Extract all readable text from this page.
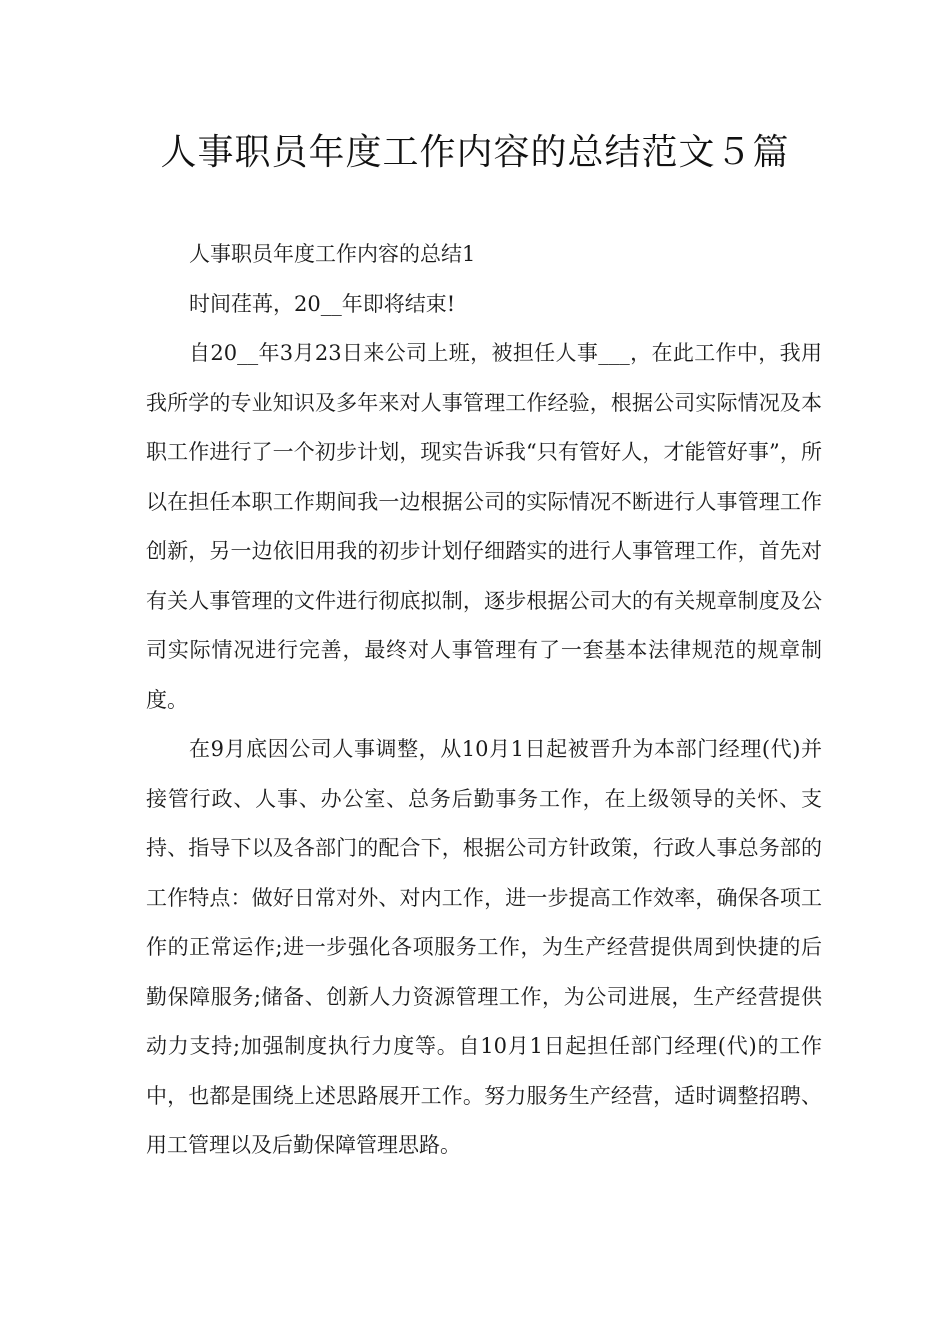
人事职员年度工作内容的总结范文５篇

人事职员年度工作内容的总结1

时间荏苒，20__年即将结束!

自20__年3月23日来公司上班，被担任人事___，在此工作中，我用我所学的专业知识及多年来对人事管理工作经验，根据公司实际情况及本职工作进行了一个初步计划，现实告诉我“只有管好人，才能管好事”，所以在担任本职工作期间我一边根据公司的实际情况不断进行人事管理工作创新，另一边依旧用我的初步计划仔细踏实的进行人事管理工作，首先对有关人事管理的文件进行彻底拟制，逐步根据公司大的有关规章制度及公司实际情况进行完善，最终对人事管理有了一套基本法律规范的规章制度。

在9月底因公司人事调整，从10月1日起被晋升为本部门经理(代)并接管行政、人事、办公室、总务后勤事务工作，在上级领导的关怀、支持、指导下以及各部门的配合下，根据公司方针政策，行政人事总务部的工作特点：做好日常对外、对内工作，进一步提高工作效率，确保各项工作的正常运作;进一步强化各项服务工作，为生产经营提供周到快捷的后勤保障服务;储备、创新人力资源管理工作，为公司进展，生产经营提供动力支持;加强制度执行力度等。自10月1日起担任部门经理(代)的工作中，也都是围绕上述思路展开工作。努力服务生产经营，适时调整招聘、用工管理以及后勤保障管理思路。
